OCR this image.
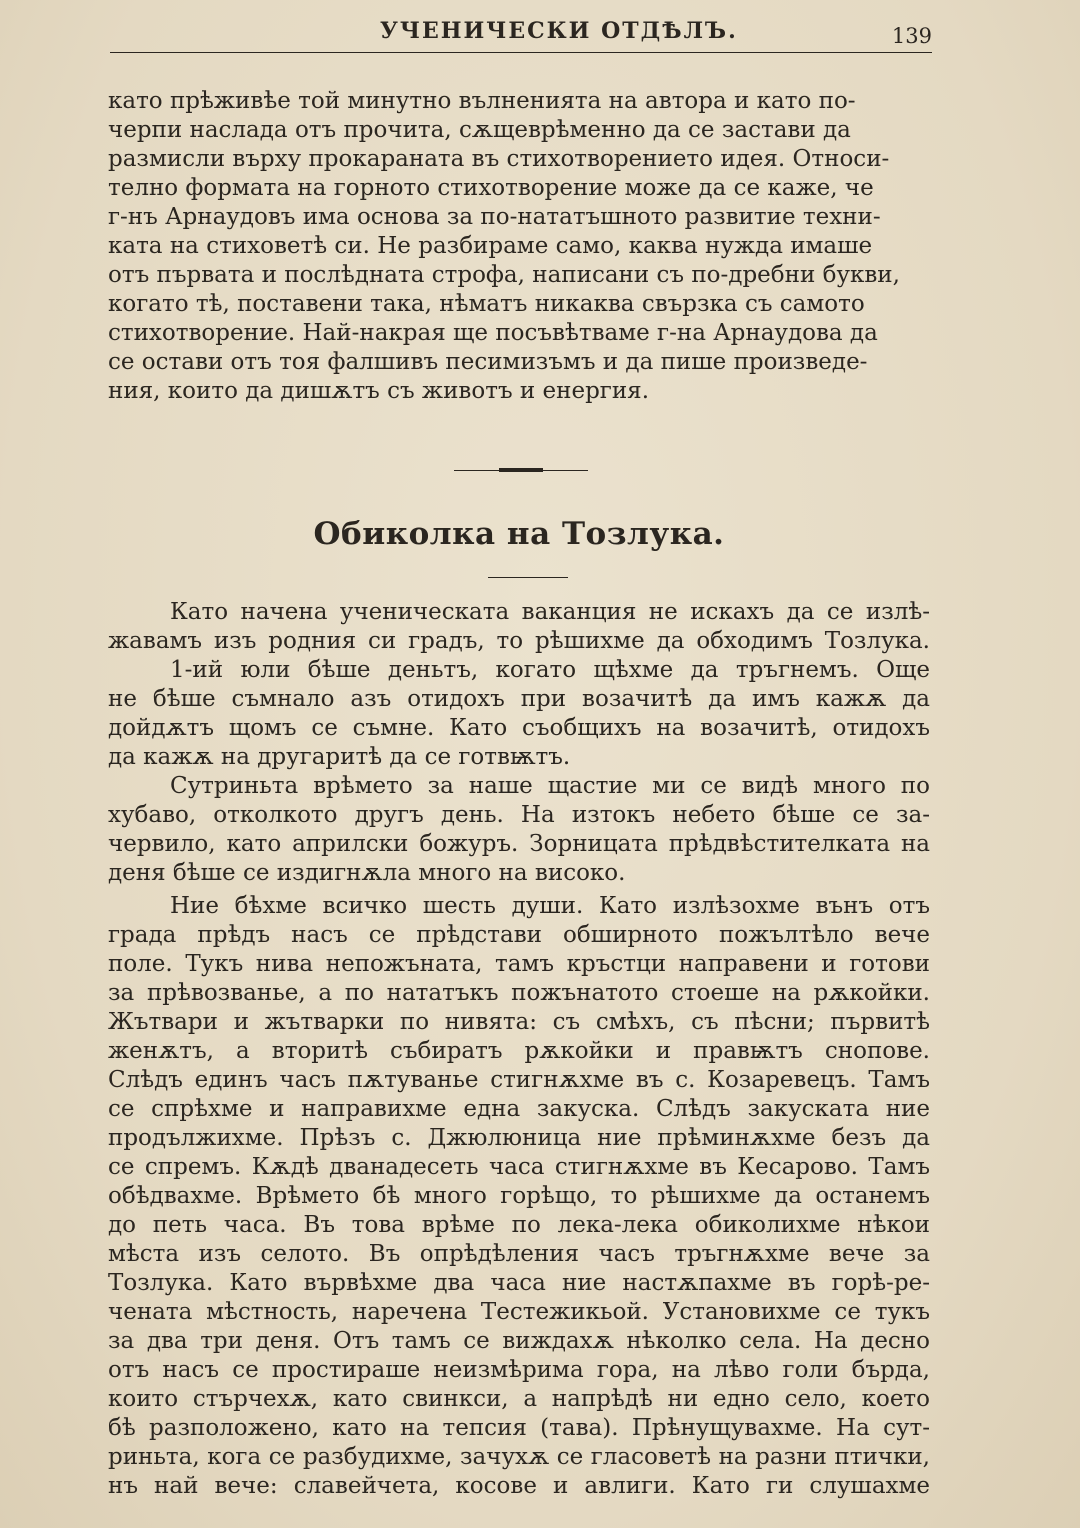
УЧЕНИЧЕСКИ ОТДѢЛЪ.	139
като прѣживѣе той минутно вълненията на автора и като по-
черпи наслада отъ прочита, сѫщеврѣменно да се застави да
размисли върху прокараната въ стихотворението идея. Относи-
телно формата на горното стихотворение може да се каже, че
г-нъ Арнаудовъ има основа за по-нататъшното развитие техни-
ката на стиховетѣ си. Не разбираме само, каква нужда имаше
отъ първата и послѣдната строфа, написани съ по-дребни букви,
когато тѣ, поставени така, нѣматъ никаква свързка съ самото
стихотворение. Най-накрая ще посъвѣтваме г-на Арнаудова да
се остави отъ тоя фалшивъ песимизъмъ и да пише произведе-
ния, които да дишѫтъ съ животъ и енергия.
Обиколка на Тозлука.
Като начена ученическата ваканция не искахъ да се излѣ-
жавамъ изъ родния си градъ, то рѣшихме да обходимъ Тозлука.
1-ий юли бѣше деньтъ, когато щѣхме да тръгнемъ. Още
не бѣше съмнало азъ отидохъ при возачитѣ да имъ кажѫ да
дойдѫтъ щомъ се съмне. Като съобщихъ на возачитѣ, отидохъ
да кажѫ на другаритѣ да се готвѭтъ.
Сутриньта врѣмето за наше щастие ми се видѣ много по
хубаво, отколкото другъ день. На изтокъ небето бѣше се за-
червило, като априлски божуръ. Зорницата прѣдвѣстителката на
деня бѣше се издигнѫла много на високо.
Ние бѣхме всичко шесть души. Като излѣзохме вънъ отъ
града прѣдъ насъ се прѣдстави обширното пожълтѣло вече
поле. Тукъ нива непожъната, тамъ кръстци направени и готови
за прѣвозванье, а по нататъкъ пожънатото стоеше на рѫкойки.
Жътвари и жътварки по нивята: съ смѣхъ, съ пѣсни; първитѣ
женѫтъ, а вторитѣ събиратъ рѫкойки и правѭтъ снопове.
Слѣдъ единъ часъ пѫтуванье стигнѫхме въ с. Козаревецъ. Тамъ
се спрѣхме и направихме една закуска. Слѣдъ закуската ние
продължихме. Прѣзъ с. Джюлюница ние прѣминѫхме безъ да
се спремъ. Кѫдѣ дванадесеть часа стигнѫхме въ Кесарово. Тамъ
обѣдвахме. Врѣмето бѣ много горѣщо, то рѣшихме да останемъ
до петь часа. Въ това врѣме по лека-лека обиколихме нѣкои
мѣста изъ селото. Въ опрѣдѣления часъ тръгнѫхме вече за
Тозлука. Като вървѣхме два часа ние настѫпахме въ горѣ-ре-
чената мѣстность, наречена Тестежикьой. Установихме се тукъ
за два три деня. Отъ тамъ се виждахѫ нѣколко села. На десно
отъ насъ се простираше неизмѣрима гора, на лѣво голи бърда,
които стърчехѫ, като свинкси, а напрѣдѣ ни едно село, което
бѣ разположено, като на тепсия (тава). Прѣнущувахме. На сут-
риньта, кога се разбудихме, зачухѫ се гласоветѣ на разни птички,
нъ най вече: славейчета, косове и авлиги. Като ги слушахме
